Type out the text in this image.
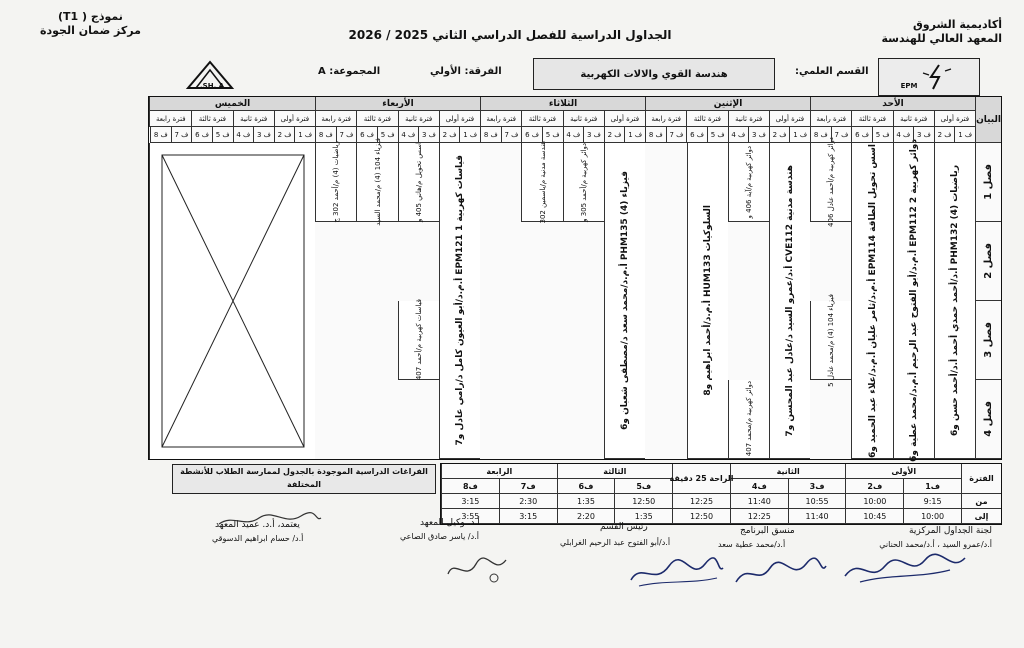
نموذج ( T1)
مركز ضمان الجودة	أكاديمية الشروق
المعهد العالي للهندسة
الجداول الدراسية للفصل الدراسي الثاني 2025 / 2026
SH. A.	EPM
القسم العلمي:
هندسة القوي والالات الكهربية
الفرقة: الأولي
المجموعة: A
البيان
فصل 1
فصل 2
فصل 3
فصل 4
الأحد
الإثنين
الثلاثاء
الأربعاء
الخميس
رياضيات (4) PHM132 أ.د/أحمد حمدي أحمد أ.د/أحمد حسن و6
دوائر كهربية 2 EPM112 أ.م.د/أبو الفتوح عبد الرحيم أ.م.د/محمد عطية و6
اسس تحويل الطاقة EPM114 أ.م.د/ثامر عليان أ.م.د/علاء عبد الحميد و6
دوائر كهربية م/أحمد عادل 406
فيزياء 104 (4) م/محمد عادل 5
هندسة مدنية CVE112 أ.د/عمرو السيد د/عادل عبد المحسن و7
دوائر كهربية م/آية 406 و
دوائر كهربية م/محمد 407
السلوكيات HUM133 أ.م.د/أحمد ابراهيم و8
فيزياء (4) PHM135 أ.م.د/محمد سعد د/مصطفى شعبان و6
دوائر كهربية م/أحمد 305 و
هندسة مدنية م/ياسمين 302
قياسات كهربية 1 EPM121 أ.م.د/أبو العيون كامل د/رامي عادل و7
اسس تحويل م/هاني 405 و
فيزياء 104 (4) م/محمد السيد
رياضيات (4) م/أحمد 302 ج
قياسات كهربية م/أحمد 407
فترة أولى
فترة ثانية
فترة ثالثة
فترة رابعة
ف 1
ف 2
ف 3
ف 4
ف 5
ف 6
ف 7
ف 8
فترة أولى
فترة ثانية
فترة ثالثة
فترة رابعة
ف 1
ف 2
ف 3
ف 4
ف 5
ف 6
ف 7
ف 8
فترة أولى
فترة ثانية
فترة ثالثة
فترة رابعة
ف 1
ف 2
ف 3
ف 4
ف 5
ف 6
ف 7
ف 8
فترة أولى
فترة ثانية
فترة ثالثة
فترة رابعة
ف 1
ف 2
ف 3
ف 4
ف 5
ف 6
ف 7
ف 8
فترة أولى
فترة ثانية
فترة ثالثة
فترة رابعة
ف 1
ف 2
ف 3
ف 4
ف 5
ف 6
ف 7
ف 8
الفراغات الدراسية الموجودة بالجدول لممارسة الطلاب للأنشطة المختلفة
الفترة
من
إلى
الأولى
الثانية
الثالثة
الرابعة
ف1
9:15
10:00
ف2
10:00
10:45
ف3
10:55
11:40
ف4
11:40
12:25
الراحة 25 دقيقة
12:25
12:50
ف5
12:50
1:35
ف6
1:35
2:20
ف7
2:30
3:15
ف8
3:15
3:55
لجنة الجداول المركزية
أ.د/عمرو السيد ، أ.د/محمد الحناني
منسق البرنامج
أ.د/محمد عطية سعد
رئيس القسم
أ.د/أبو الفتوح عبد الرحيم الغرابلي
أ.د. وكيل المعهد
أ.د/ ياسر صادق الصاعي
يعتمد، أ.د. عميد المعهد
أ.د/ حسام ابراهيم الدسوقي
